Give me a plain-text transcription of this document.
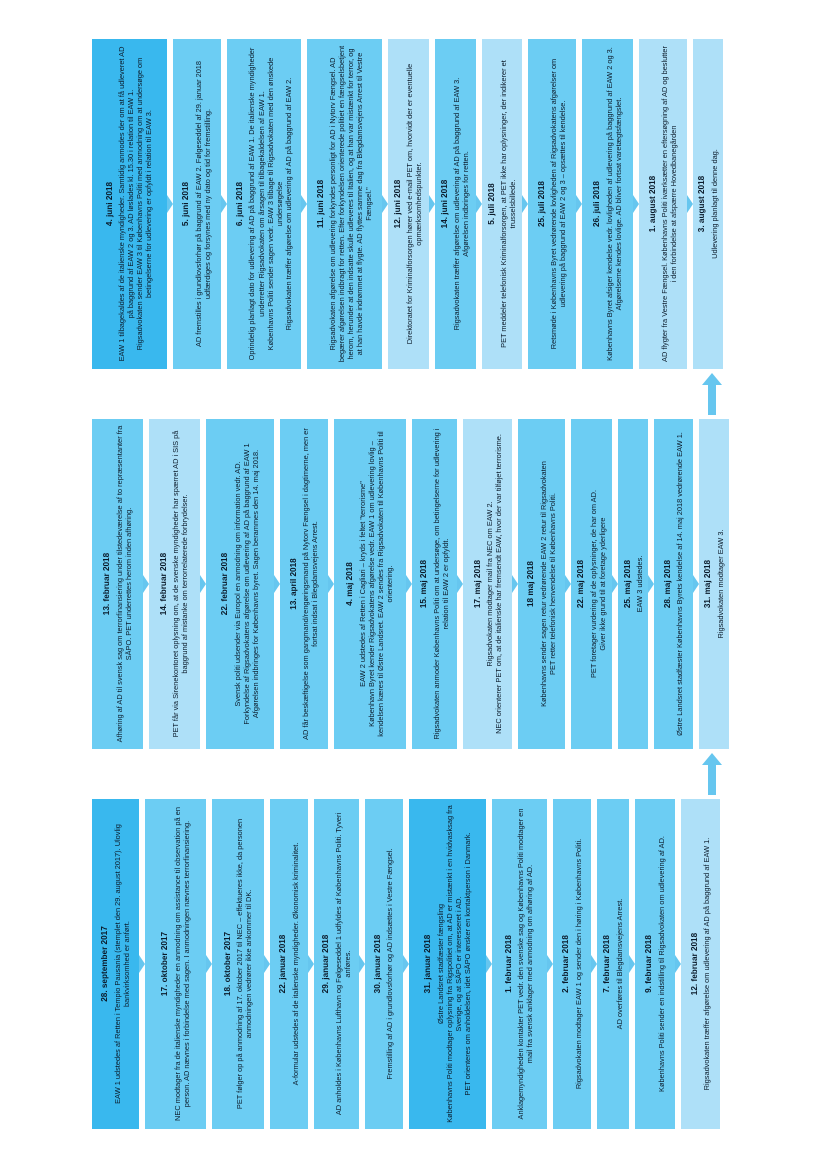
28. september 2017 EAW 1 udstedes af Retten i Tempio Pausania (stemplet den 29. august 2017). Ulovlig bankvirksomhed er anført.	17. oktober 2017 NEC modtager fra de italienske myndigheder en anmodning om assistance til observation på en person. AD nævnes i forbindelse med sagen. I anmodningen nævnes terrorfinansiering.	18. oktober 2017 PET følger op på anmodning af 17. oktober 2017 til NEC – effektueres ikke, da personen anmodningen vedrører ikke ankommer til DK.	22. januar 2018 A-formular udstedes af de italienske myndigheder. Økonomisk kriminalitet.	29. januar 2018 AD anholdes i Københavns Lufthavn og Følgeseddel 1 udfyldes af Københavns Politi. Tyveri anføres.	30. januar 2018 Fremstilling af AD i grundlovsforhør og AD indsættes i Vestre Fængsel.	31. januar 2018
Østre Landsret stadfæster fængsling
Københavns Politi modtager oplysning fra Rigspolitiet om, at AD er mistænkt i en hvidvasksag fra Sverige, og at SÄPO er interesseret i AD.
PET orienteres om anholdelsen, idet SÄPO ønsker en kontaktperson i Danmark.
1. februar 2018 Anklagemyndigheden kontakter PET vedr. den svenske sag og Københavns Politi modtager en mail fra svensk anklager med anmodning om afhøring af AD.	2. februar 2018 Rigsadvokaten modtager EAW 1 og sender den i høring i Københavns Politi. 7. februar 2018 AD overføres til Blegdamsvejens Arrest. 9. februar 2018 Københavns Politi sender en indstilling til Rigsadvokaten om udlevering af AD.	12. februar 2018 Rigsadvokaten træffer afgørelse om udlevering af AD på baggrund af EAW 1.
13. februar 2018 Afhøring af AD til svensk sag om terrorfinansiering under tilstedeværelse af to repræsentanter fra SÄPO. PET underrettes herom inden afhøring.	14. februar 2018 PET får via Sirenekontoret oplysning om, at de svenske myndigheder har spærret AD i SIS på baggrund af mistanke om terrorrelaterede forbrydelser.	22. februar 2018
Svensk politi udsender via Europol en anmodning om information vedr. AD.
Forkyndelse af Rigsadvokatens afgørelse om udlevering af AD på baggrund af EAW 1
Afgørelsen indbringes for Københavns byret. Sagen berammes den 14. maj 2018.
13. april 2018 AD får beskæftigelse som gangmand/rengøringsmand på Nytorv Fængsel i dagtimerne, men er fortsat indsat i Blegdamsvejens Arrest.	4. maj 2018
EAW 2 udstedes af Retten i Cagliari – kryds i feltet "terrorisme"
København Byret kender Rigsadvokatens afgørelse vedr. EAW 1 om udlevering lovlig – kendelsen kæres til Østre Landsret. EAW 2 sendes fra Rigsadvokaten til Københavns Politi til orientering.	15. maj 2018 Rigsadvokaten anmoder Københavns Politi om at undersøge, om betingelserne for udlevering i relation til EAW 2 er opfyldt.	17. maj 2018
Rigsadvokaten modtager mail fra NEC om EAW 2.
NEC orienterer PET om, at de italienske har fremsendt EAW, hvor der var tilføjet terrorisme.
18 maj 2018
Københavns sender sagen retur vedrørende EAW 2 retur til Rigsadvokaten
PET retter telefonisk henvendelse til Københavns Politi.
22. maj 2018
PET foretager vurdering af de oplysninger, de har om AD.
Giver ikke grund til at foretage yderligere
25. maj 2018 EAW 3 udstedes. 28. maj 2018 Østre Landsret stadfæster Københavns Byrets kendelse af 14. maj 2018 vedrørende EAW 1. 31. maj 2018 Rigsadvokaten modtager EAW 3.
4. juni 2018
EAW 1 tilbagekaldes af de italienske myndigheder. Samtidig anmodes der om at få udleveret AD på baggrund af EAW 2 og 3. AD løslades kl. 15.30 i relation til EAW 1.
Rigsadvokaten sender EAW 3 til Københavns Politi med anmodning om at undersøge om betingelserne for udlevering er opfyldt i relation til EAW 3.
5. juni 2018 AD fremstilles i grundlovsforhør på baggrund af EAW 2. Følgeseddel af 29. januar 2018 udfærdiges og forsynes med ny dato og tid for fremstilling.	6. juni 2018
Oprindelig planlagt dato for udlevering af AD på baggrund af EAW 1. De italienske myndigheder underretter Rigsadvokaten om årsagen til tilbagekaldelsen af EAW 1.
Københavns Politi sender sagen vedr. EAW 3 tilbage til Rigsadvokaten med den ønskede undersøgelse
Rigsadvokaten træffer afgørelse om udlevering af AD på baggrund af EAW 2.
11. juni 2018 Rigsadvokaten afgørelse om udlevering forkyndes personligt for AD i Nytorv Fængsel. AD begærer afgørelsen indbragt for retten. Efter forkyndelsen orienterede politiet en fængselsbetjent herom, herunder at den indsatte skulle udleveres til Italien, og at han var mistænkt for terror, og at han havde indrømmet at flygte. AD flyttes samme dag fra Blegdamsvejens Arrest til Vestre Fængsel." 12. juni 2018 Direktoratet for Kriminalforsorgen hører ved e-mail PET om, hvorvidt der er eventuelle opmærksomhedspunkter. 14. juni 2018
Rigsadvokaten træffer afgørelse om udlevering af AD på baggrund af EAW 3.
Afgørelsen indbringes for retten.
5. juli 2018 PET meddeler telefonisk Kriminalforsorgen, at PET ikke har oplysninger, der indikerer et trusselsbillede. 25. juli 2018 Retsmøde i Københavns Byret vedrørende lovligheden af Rigsadvokatens afgørelser om udlevering på baggrund af EAW 2 og 3 – opsættes til kendelse.	26. juli 2018 Københavns Byret afsiger kendelse vedr. lovligheden af udlevering på baggrund af EAW 2 og 3. Afgørelserne kendes lovlige. AD bliver fortsat varetægtsfængslet.	1. august 2018 AD flygter fra Vestre Fængsel. Københavns Politi iværksætter en eftersøgning af AD og beslutter i den forbindelse at afspærre Hovedbanegården 3. august 2018 Udlevering planlagt til denne dag.
